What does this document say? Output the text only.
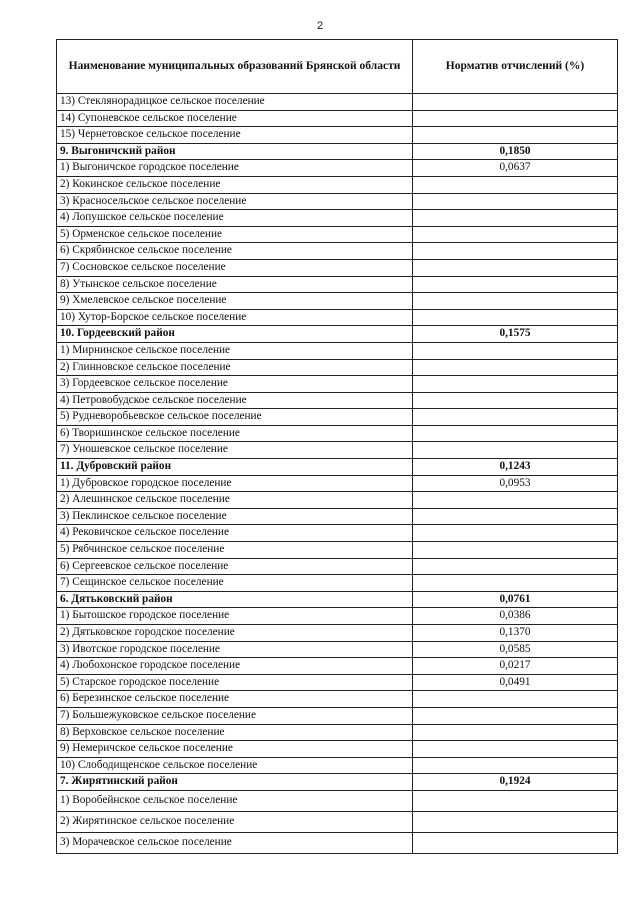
2
Наименование муниципальных образований Брянской области	Норматив отчислений (%)
13) Стеклянорадицкое сельское поселение	
14) Супоневское сельское поселение	
15) Чернетовское сельское поселение	
9. Выгоничский район	0,1850
1) Выгоничское городское поселение	0,0637
2) Кокинское сельское поселение	
3) Красносельское сельское поселение	
4) Лопушское сельское поселение	
5) Орменское сельское поселение	
6) Скрябинское сельское поселение	
7) Сосновское сельское поселение	
8) Утынское сельское поселение	
9) Хмелевское сельское поселение	
10) Хутор-Борское сельское поселение	
10. Гордеевский район	0,1575
1) Мирнинское сельское поселение	
2) Глинновское сельское поселение	
3) Гордеевское сельское поселение	
4) Петровобудское сельское поселение	
5) Рудневоробьевское сельское поселение	
6) Творишинское сельское поселение	
7) Уношевское сельское поселение	
11. Дубровский район	0,1243
1) Дубровское городское поселение	0,0953
2) Алешинское сельское поселение	
3) Пеклинское сельское поселение	
4) Рековичское сельское поселение	
5) Рябчинское сельское поселение	
6) Сергеевское сельское поселение	
7) Сещинское сельское поселение	
6. Дятьковский район	0,0761
1) Бытошское городское поселение	0,0386
2) Дятьковское городское поселение	0,1370
3) Ивотское городское поселение	0,0585
4) Любохонское городское поселение	0,0217
5) Старское городское поселение	0,0491
6) Березинское сельское поселение	
7) Большежуковское сельское поселение	
8) Верховское сельское поселение	
9) Немеричское сельское поселение	
10) Слободищенское сельское поселение	
7. Жирятинский район	0,1924
1) Воробейнское сельское поселение	
2) Жирятинское сельское поселение	
3) Морачевское сельское поселение	
